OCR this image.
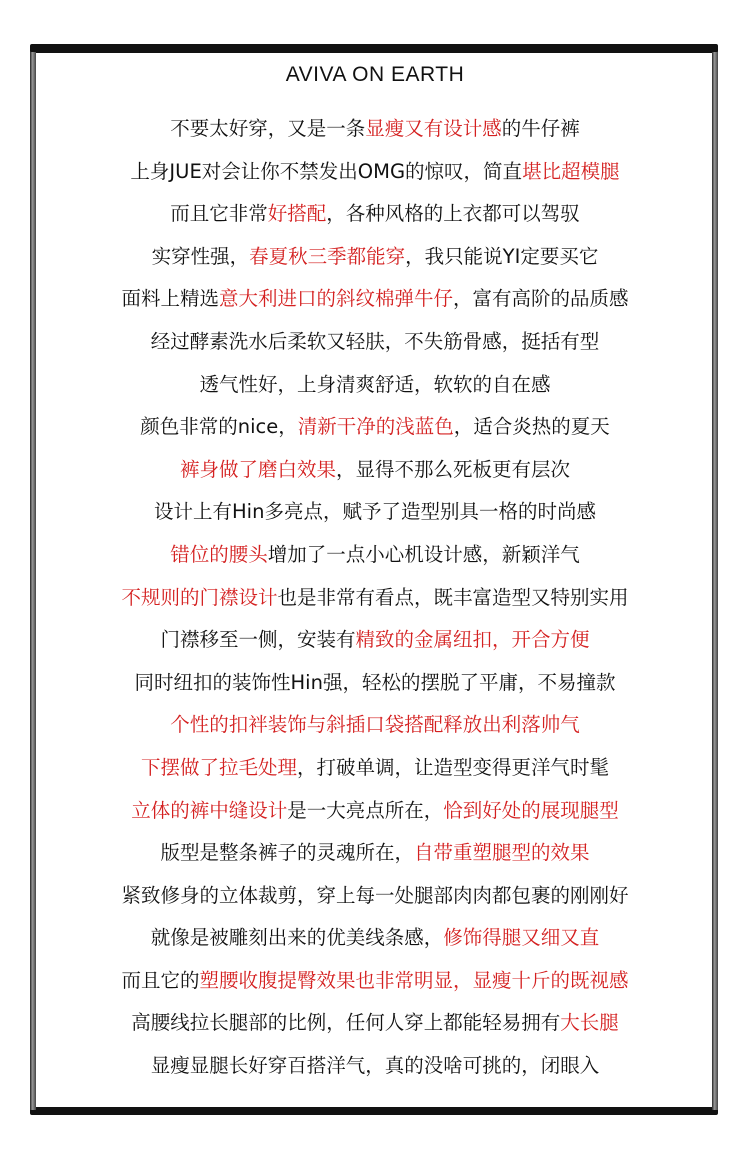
AVIVA ON EARTH
不要太好穿，又是一条显瘦又有设计感的牛仔裤
上身JUE对会让你不禁发出OMG的惊叹，简直堪比超模腿
而且它非常好搭配，各种风格的上衣都可以驾驭
实穿性强，春夏秋三季都能穿，我只能说YI定要买它
面料上精选意大利进口的斜纹棉弹牛仔，富有高阶的品质感
经过酵素洗水后柔软又轻肤，不失筋骨感，挺括有型
透气性好，上身清爽舒适，软软的自在感
颜色非常的nice，清新干净的浅蓝色，适合炎热的夏天
裤身做了磨白效果，显得不那么死板更有层次
设计上有Hin多亮点，赋予了造型别具一格的时尚感
错位的腰头增加了一点小心机设计感，新颖洋气
不规则的门襟设计也是非常有看点，既丰富造型又特别实用
门襟移至一侧，安装有精致的金属纽扣，开合方便
同时纽扣的装饰性Hin强，轻松的摆脱了平庸，不易撞款
个性的扣袢装饰与斜插口袋搭配释放出利落帅气
下摆做了拉毛处理，打破单调，让造型变得更洋气时髦
立体的裤中缝设计是一大亮点所在，恰到好处的展现腿型
版型是整条裤子的灵魂所在，自带重塑腿型的效果
紧致修身的立体裁剪，穿上每一处腿部肉肉都包裹的刚刚好
就像是被雕刻出来的优美线条感，修饰得腿又细又直
而且它的塑腰收腹提臀效果也非常明显，显瘦十斤的既视感
高腰线拉长腿部的比例，任何人穿上都能轻易拥有大长腿
显瘦显腿长好穿百搭洋气，真的没啥可挑的，闭眼入
